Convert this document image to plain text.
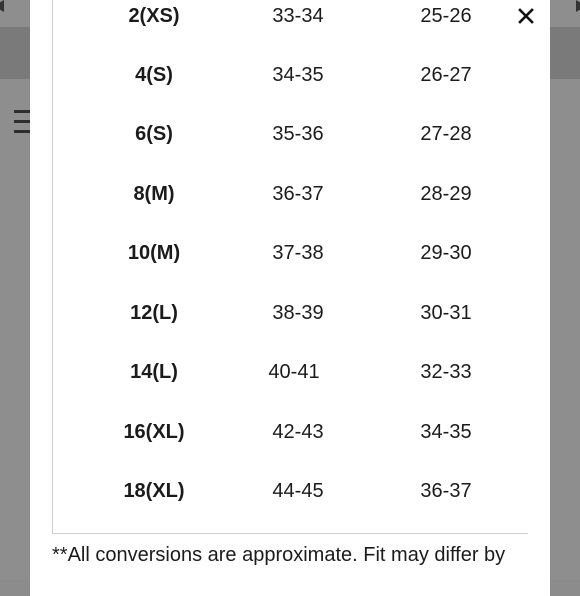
2(XS)	33-34	25-26
4(S)	34-35	26-27
6(S)	35-36	27-28
8(M)	36-37	28-29
10(M)	37-38	29-30
12(L)	38-39	30-31
14(L)	40-41	32-33
16(XL)	42-43	34-35
18(XL)	44-45	36-37
**All conversions are approximate. Fit may differ by
